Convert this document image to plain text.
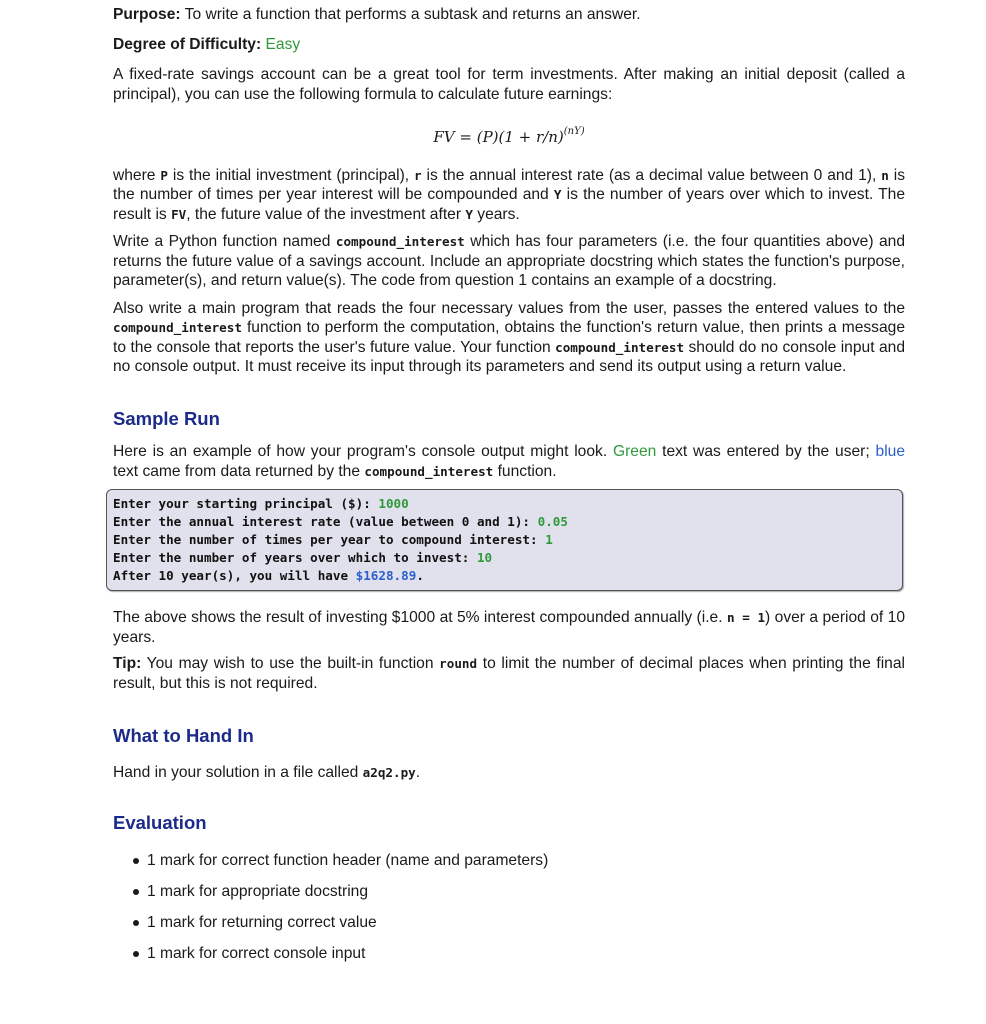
Purpose: To write a function that performs a subtask and returns an answer.

Degree of Difficulty: Easy

A fixed-rate savings account can be a great tool for term investments. After making an initial deposit (called a principal), you can use the following formula to calculate future earnings:

FV = $(P)(1 + r/n)^{(nY)}$

where P is the initial investment (principal), r is the annual interest rate (as a decimal value between 0 and 1), n is the number of times per year interest will be compounded and Y is the number of years over which to invest. The result is FV, the future value of the investment after Y years.

Write a Python function named compound_interest which has four parameters (i.e. the four quantities above) and returns the future value of a savings account. Include an appropriate docstring which states the function's purpose, parameter(s), and return value(s). The code from question 1 contains an example of a docstring.

Also write a main program that reads the four necessary values from the user, passes the entered values to the compound_interest function to perform the computation, obtains the function's return value, then prints a message to the console that reports the user's future value. Your function compound_interest should do no console input and no console output. It must receive its input through its parameters and send its output using a return value.

Sample Run

Here is an example of how your program's console output might look. Green text was entered by the user; blue text came from data returned by the compound_interest function.

Enter your starting principal ($): 1000
Enter the annual interest rate (value between 0 and 1): 0.05
Enter the number of times per year to compound interest: 1
Enter the number of years over which to invest: 10
After 10 year(s), you will have $1628.89.

The above shows the result of investing $1000 at 5% interest compounded annually (i.e. n = 1) over a period of 10 years.

Tip: You may wish to use the built-in function round to limit the number of decimal places when printing the final result, but this is not required.

What to Hand In

Hand in your solution in a file called a2q2.py.

Evaluation
1 mark for correct function header (name and parameters)
1 mark for appropriate docstring
1 mark for returning correct value
1 mark for correct console input
